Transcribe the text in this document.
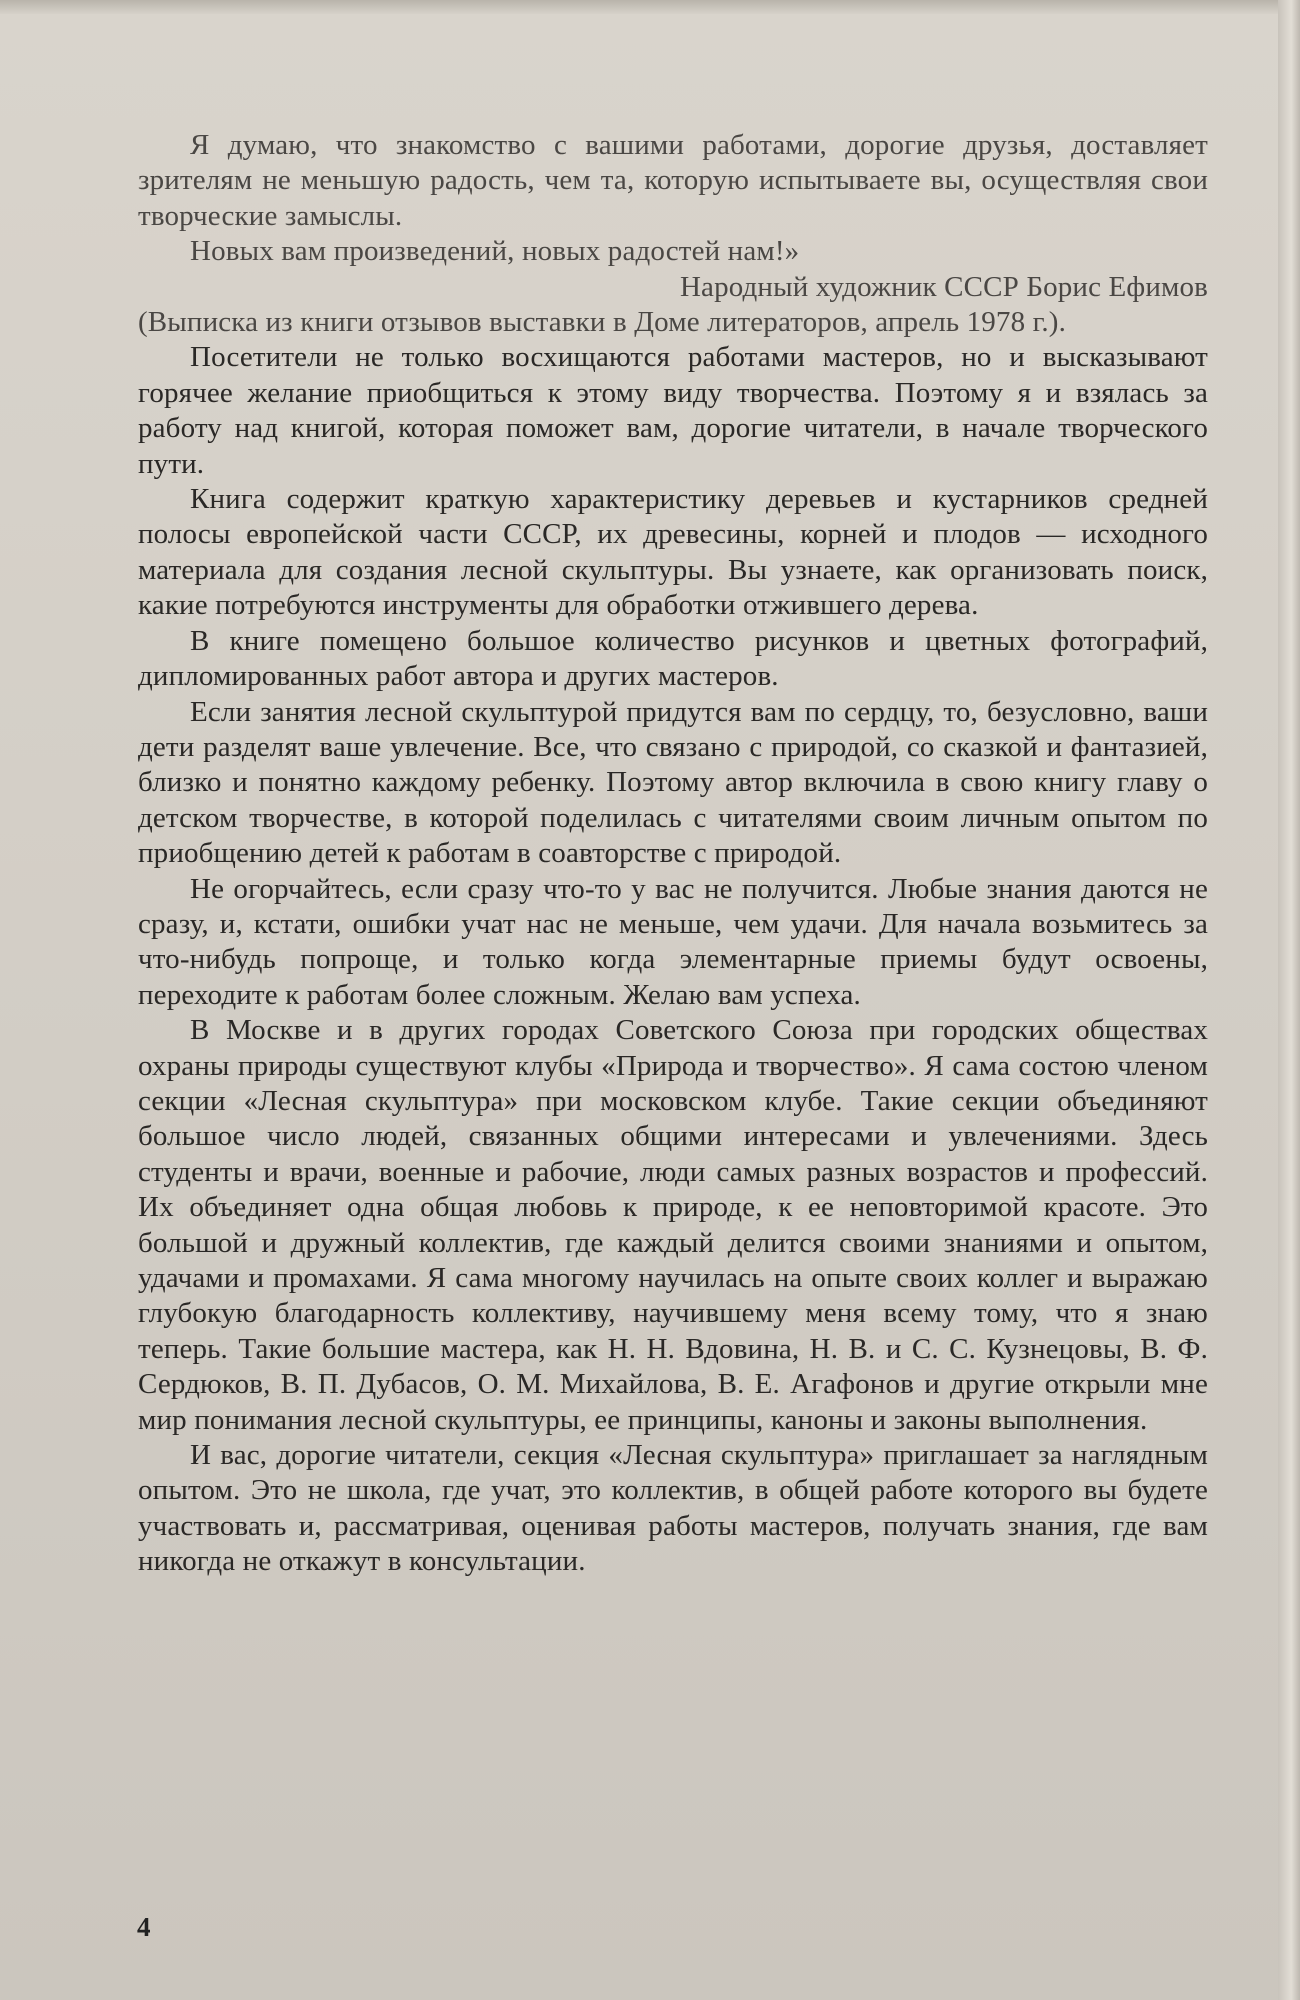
Я думаю, что знакомство с вашими работами, дорогие друзья, доставляет зрителям не меньшую радость, чем та, которую испытываете вы, осуществляя свои творческие замыслы.

Новых вам произведений, новых радостей нам!»

Народный художник СССР Борис Ефимов

(Выписка из книги отзывов выставки в Доме литераторов, апрель 1978 г.).

Посетители не только восхищаются работами мастеров, но и высказывают горячее желание приобщиться к этому виду творчества. Поэтому я и взялась за работу над книгой, которая поможет вам, дорогие читатели, в начале творческого пути.

Книга содержит краткую характеристику деревьев и кустарников средней полосы европейской части СССР, их древесины, корней и плодов — исходного материала для создания лесной скульптуры. Вы узнаете, как организовать поиск, какие потребуются инструменты для обработки отжившего дерева.

В книге помещено большое количество рисунков и цветных фотографий, дипломированных работ автора и других мастеров.

Если занятия лесной скульптурой придутся вам по сердцу, то, безусловно, ваши дети разделят ваше увлечение. Все, что связано с природой, со сказкой и фантазией, близко и понятно каждому ребенку. Поэтому автор включила в свою книгу главу о детском творчестве, в которой поделилась с читателями своим личным опытом по приобщению детей к работам в соавторстве с природой.

Не огорчайтесь, если сразу что-то у вас не получится. Любые знания даются не сразу, и, кстати, ошибки учат нас не меньше, чем удачи. Для начала возьмитесь за что-нибудь попроще, и только когда элементарные приемы будут освоены, переходите к работам более сложным. Желаю вам успеха.

В Москве и в других городах Советского Союза при городских обществах охраны природы существуют клубы «Природа и творчество». Я сама состою членом секции «Лесная скульптура» при московском клубе. Такие секции объединяют большое число людей, связанных общими интересами и увлечениями. Здесь студенты и врачи, военные и рабочие, люди самых разных возрастов и профессий. Их объединяет одна общая любовь к природе, к ее неповторимой красоте. Это большой и дружный коллектив, где каждый делится своими знаниями и опытом, удачами и промахами. Я сама многому научилась на опыте своих коллег и выражаю глубокую благодарность коллективу, научившему меня всему тому, что я знаю теперь. Такие большие мастера, как Н. Н. Вдовина, Н. В. и С. С. Кузнецовы, В. Ф. Сердюков, В. П. Дубасов, О. М. Михайлова, В. Е. Агафонов и другие открыли мне мир понимания лесной скульптуры, ее принципы, каноны и законы выполнения.

И вас, дорогие читатели, секция «Лесная скульптура» приглашает за наглядным опытом. Это не школа, где учат, это коллектив, в общей работе которого вы будете участвовать и, рассматривая, оценивая работы мастеров, получать знания, где вам никогда не откажут в консультации.

4
